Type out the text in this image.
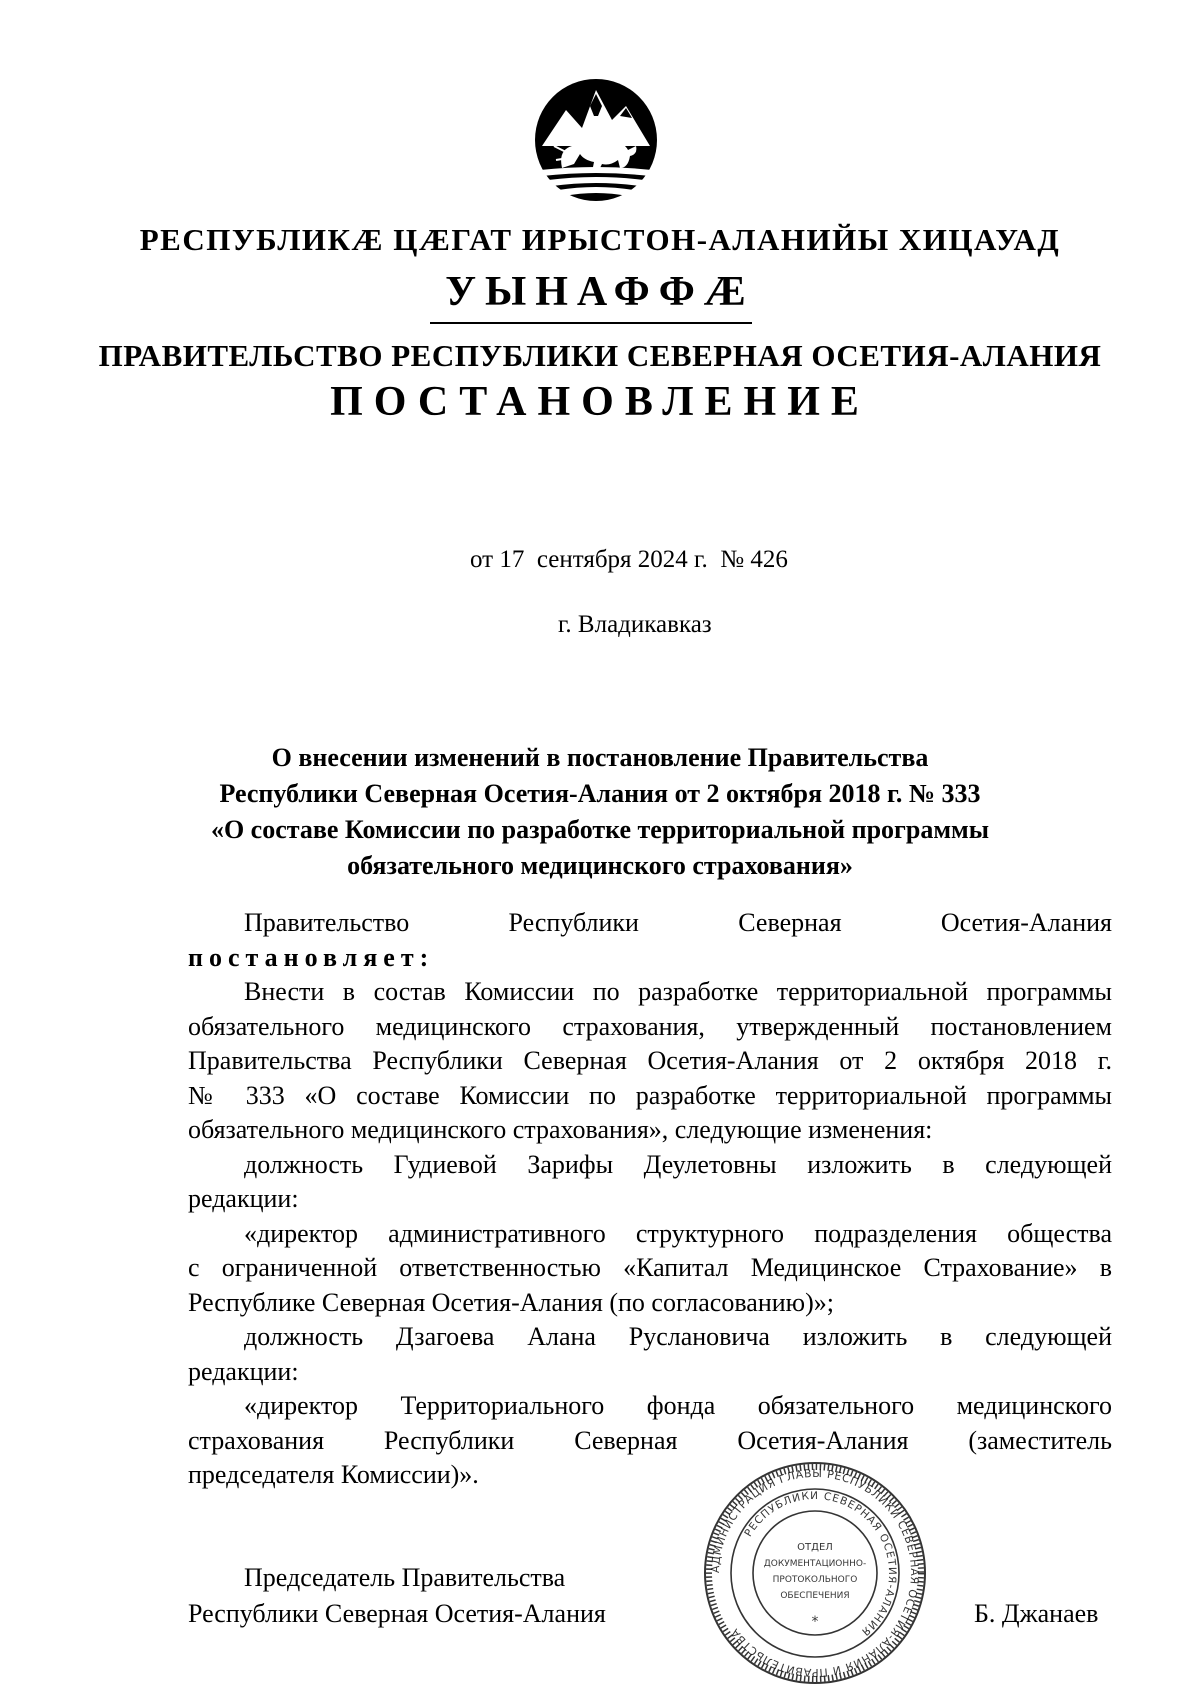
РЕСПУБЛИКÆ ЦÆГАТ ИРЫСТОН-АЛАНИЙЫ ХИЦАУАД
УЫНАФФÆ
ПРАВИТЕЛЬСТВО РЕСПУБЛИКИ СЕВЕРНАЯ ОСЕТИЯ-АЛАНИЯ
ПОСТАНОВЛЕНИЕ
от 17  сентября 2024 г.  № 426
г. Владикавказ
О внесении изменений в постановление Правительства
Республики Северная Осетия-Алания от 2 октября 2018 г. № 333
«О составе Комиссии по разработке территориальной программы
обязательного медицинского страхования»
Правительство Республики Северная Осетия-Алания
постановляет:
Внести в состав Комиссии по разработке территориальной программы
обязательного медицинского страхования, утвержденный постановлением
Правительства Республики Северная Осетия-Алания от 2 октября 2018 г.
№ 333 «О составе Комиссии по разработке территориальной программы
обязательного медицинского страхования», следующие изменения:
должность Гудиевой Зарифы Деулетовны изложить в следующей
редакции:
«директор административного структурного подразделения общества
с ограниченной ответственностью «Капитал Медицинское Страхование» в
Республике Северная Осетия-Алания (по согласованию)»;
должность Дзагоева Алана Руслановича изложить в следующей
редакции:
«директор Территориального фонда обязательного медицинского
страхования Республики Северная Осетия-Алания (заместитель
председателя Комиссии)».
Председатель Правительства
Республики Северная Осетия-Алания	Б. Джанаев
АДМИНИСТРАЦИЯ ГЛАВЫ РЕСПУБЛИКИ СЕВЕРНАЯ ОСЕТИЯ-АЛАНИЯ И ПРАВИТЕЛЬСТВА
РЕСПУБЛИКИ СЕВЕРНАЯ ОСЕТИЯ-АЛАНИЯ
ОТДЕЛ
ДОКУМЕНТАЦИОННО-
ПРОТОКОЛЬНОГО
ОБЕСПЕЧЕНИЯ
*
